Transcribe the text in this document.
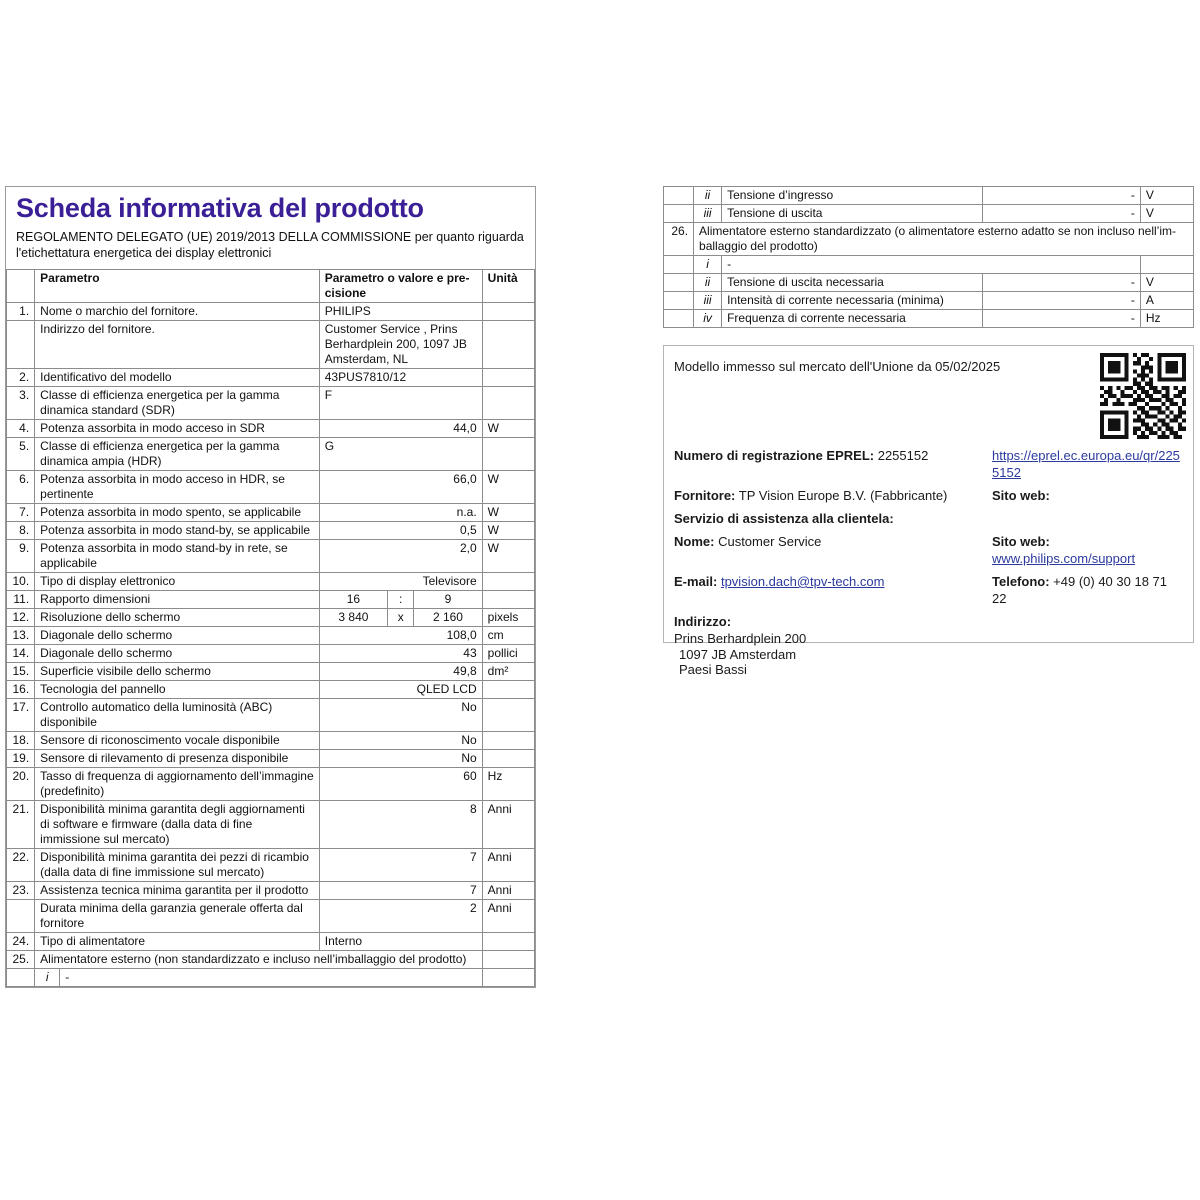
Scheda informativa del prodotto

REGOLAMENTO DELEGATO (UE) 2019/2013 DELLA COMMISSIONE per quanto riguarda l'etichettatura energetica dei display elettronici

	Parametro		Parametro o valore e precisione			Unità
1.	Nome o marchio del fornitore.		PHILIPS			
	Indirizzo del fornitore.		Customer Service , Prins Berhardplein 200, 1097 JB Amsterdam, NL			
2.	Identificativo del modello		43PUS7810/12			
3.	Classe di efficienza energetica per la gamma dinamica standard (SDR)		F			
4.	Potenza assorbita in modo acceso in SDR		44,0			W
5.	Classe di efficienza energetica per la gamma dinamica ampia (HDR)		G			
6.	Potenza assorbita in modo acceso in HDR, se pertinente		66,0			W
7.	Potenza assorbita in modo spento, se applicabile		n.a.			W
8.	Potenza assorbita in modo stand-by, se applicabile		0,5			W
9.	Potenza assorbita in modo stand-by in rete, se applicabile		2,0			W
10.	Tipo di display elettronico		Televisore			
11.	Rapporto dimensioni		16	:	9	
12.	Risoluzione dello schermo		3 840	x	2 160	pixels
13.	Diagonale dello schermo		108,0			cm
14.	Diagonale dello schermo		43			pollici
15.	Superficie visibile dello schermo		49,8			dm²
16.	Tecnologia del pannello		QLED LCD			
17.	Controllo automatico della luminosità (ABC) disponibile		No			
18.	Sensore di riconoscimento vocale disponibile		No			
19.	Sensore di rilevamento di presenza disponibile		No			
20.	Tasso di frequenza di aggiornamento dell’immagine (predefinito)		60			Hz
21.	Disponibilità minima garantita degli aggiornamenti di software e firmware (dalla data di fine immissione sul mercato)		8			Anni
22.	Disponibilità minima garantita dei pezzi di ricambio (dalla data di fine immissione sul mercato)		7			Anni
23.	Assistenza tecnica minima garantita per il prodotto		7			Anni
	Durata minima della garanzia generale offerta dal fornitore		2			Anni
24.	Tipo di alimentatore		Interno			
25.	Alimentatore esterno (non standardizzato e incluso nell’imballaggio del prodotto)					
	i	-				
	ii	Tensione d’ingresso	-	V
	iii	Tensione di uscita	-	V
26.	Alimentatore esterno standardizzato (o alimentatore esterno adatto se non incluso nell’imballaggio del prodotto)			
	i	-		
	ii	Tensione di uscita necessaria	-	V
	iii	Intensità di corrente necessaria (minima)	-	A
	iv	Frequenza di corrente necessaria	-	Hz

Modello immesso sul mercato dell'Unione da 05/02/2025

Numero di registrazione EPREL: 2255152	https://eprel.ec.europa.eu/qr/2255152
Fornitore: TP Vision Europe B.V. (Fabbricante)	Sito web:
Servizio di assistenza alla clientela:
Nome: Customer Service	Sito web: www.philips.com/support
E-mail: tpvision.dach@tpv-tech.com	Telefono: +49 (0) 40 30 18 71 22
Indirizzo:
Prins Berhardplein 200
1097 JB Amsterdam
Paesi Bassi
